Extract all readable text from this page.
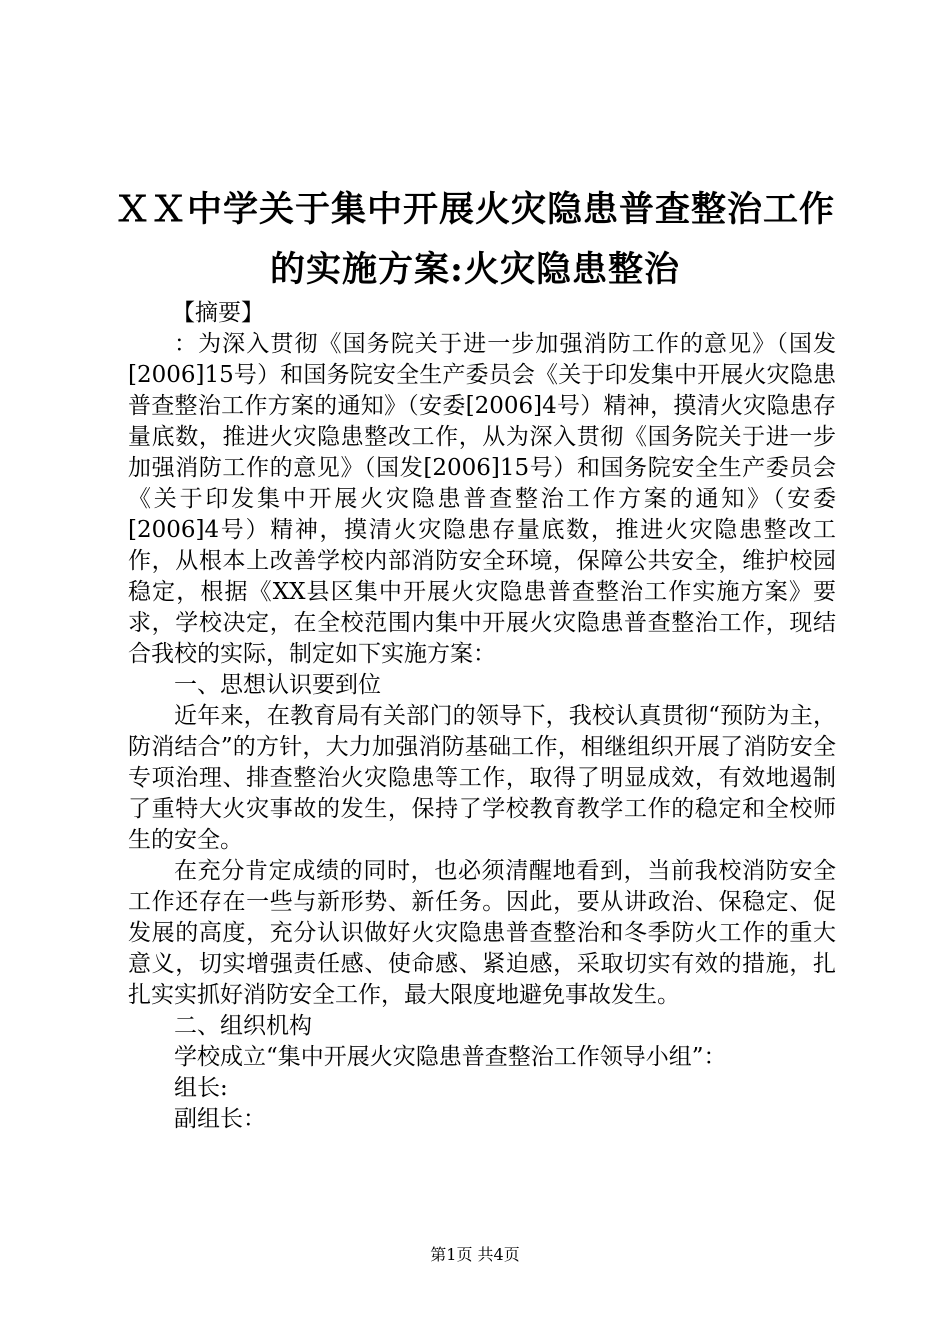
ＸＸ中学关于集中开展火灾隐患普查整治工作
的实施方案:火灾隐患整治

【摘要】

：为深入贯彻《国务院关于进一步加强消防工作的意见》（国发[2006]15号）和国务院安全生产委员会《关于印发集中开展火灾隐患普查整治工作方案的通知》（安委[2006]4号）精神，摸清火灾隐患存量底数，推进火灾隐患整改工作，从为深入贯彻《国务院关于进一步加强消防工作的意见》（国发[2006]15号）和国务院安全生产委员会《关于印发集中开展火灾隐患普查整治工作方案的通知》（安委[2006]4号）精神，摸清火灾隐患存量底数，推进火灾隐患整改工作，从根本上改善学校内部消防安全环境，保障公共安全，维护校园稳定，根据《XX县区集中开展火灾隐患普查整治工作实施方案》要求，学校决定，在全校范围内集中开展火灾隐患普查整治工作，现结合我校的实际，制定如下实施方案：

一、思想认识要到位

近年来，在教育局有关部门的领导下，我校认真贯彻“预防为主，防消结合”的方针，大力加强消防基础工作，相继组织开展了消防安全专项治理、排查整治火灾隐患等工作，取得了明显成效，有效地遏制了重特大火灾事故的发生，保持了学校教育教学工作的稳定和全校师生的安全。

在充分肯定成绩的同时，也必须清醒地看到，当前我校消防安全工作还存在一些与新形势、新任务。因此，要从讲政治、保稳定、促发展的高度，充分认识做好火灾隐患普查整治和冬季防火工作的重大意义，切实增强责任感、使命感、紧迫感，采取切实有效的措施，扎扎实实抓好消防安全工作，最大限度地避免事故发生。

二、组织机构

学校成立“集中开展火灾隐患普查整治工作领导小组”：

组长:

副组长：

第1页 共4页
